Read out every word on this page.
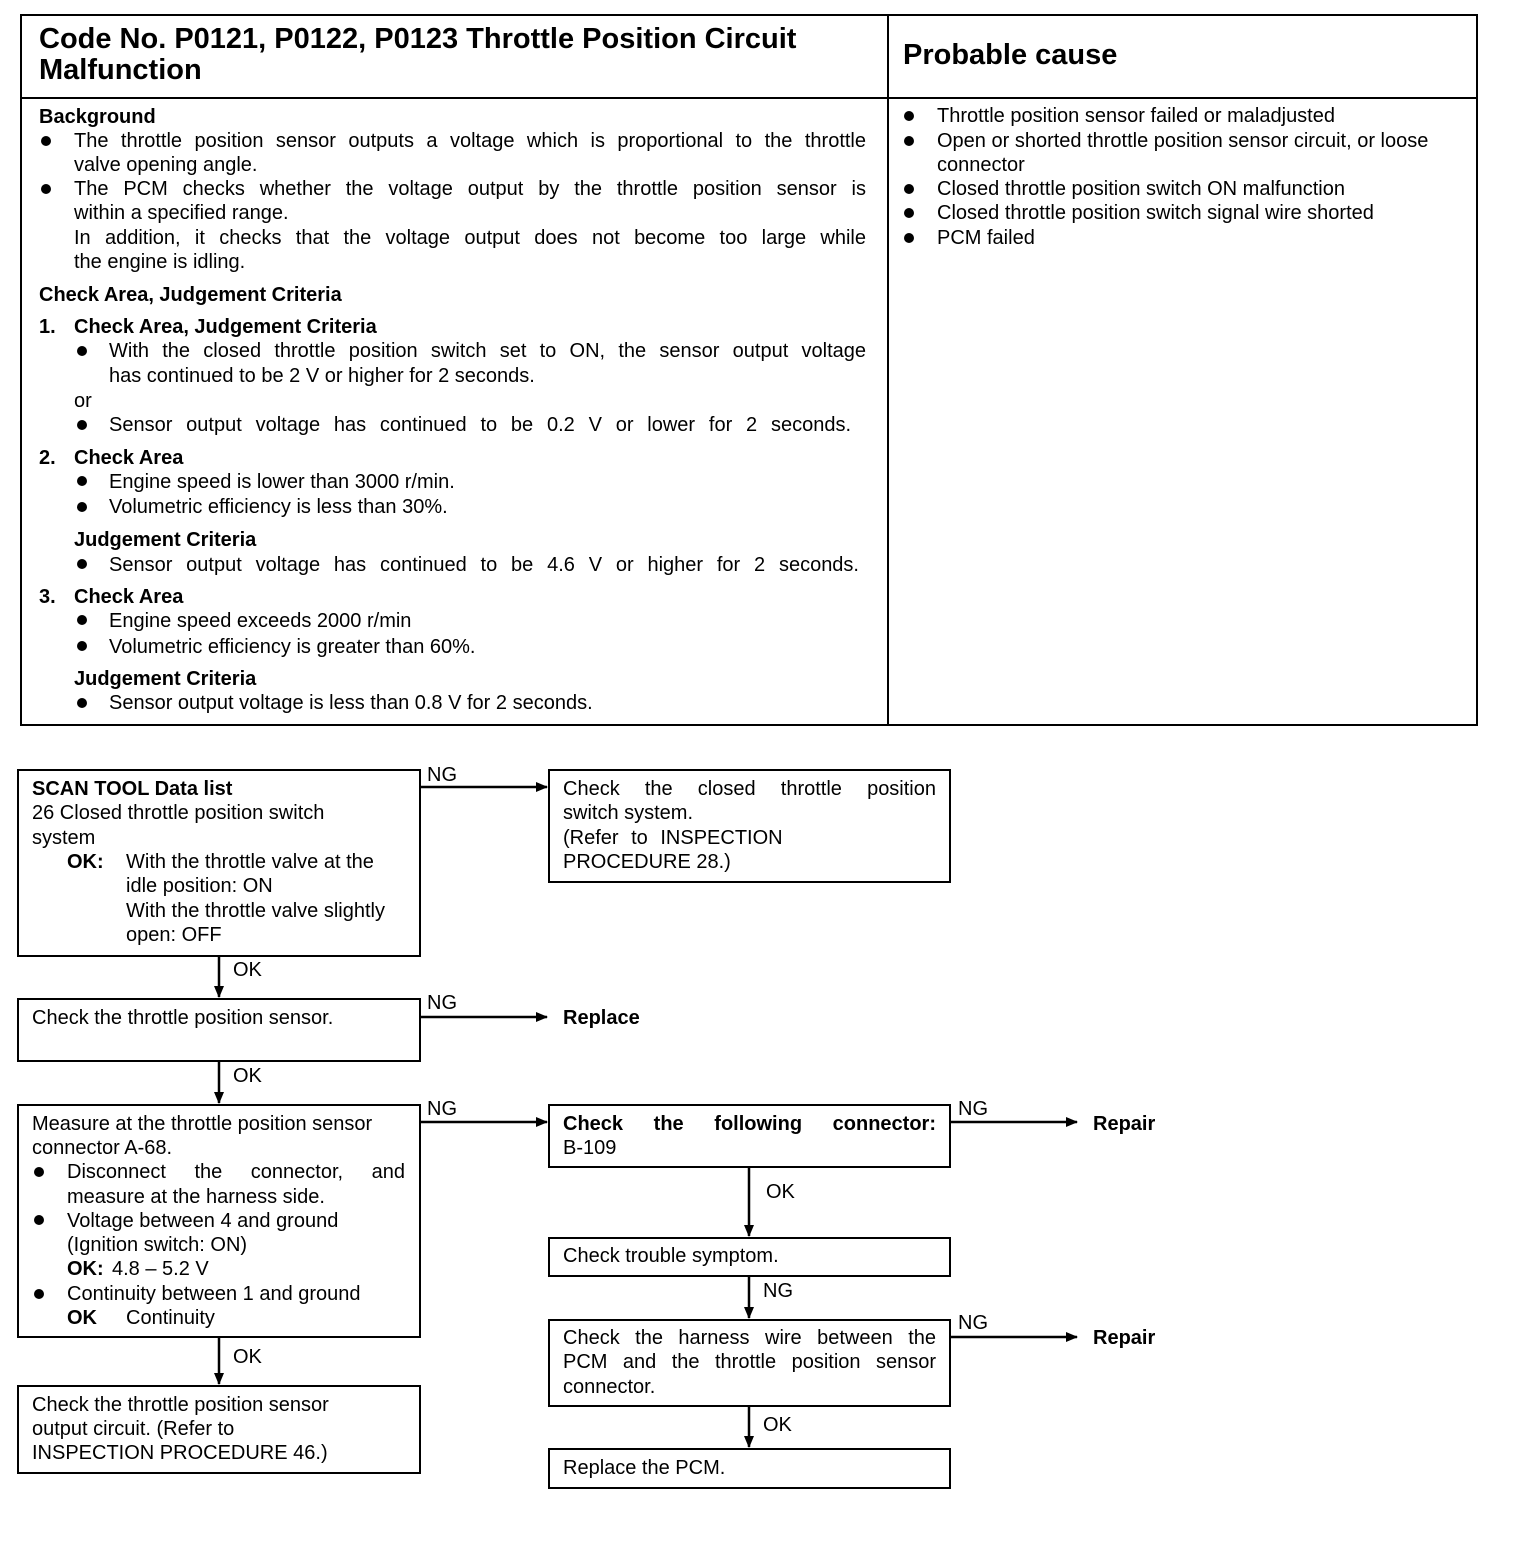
Code No. P0121, P0122, P0123 Throttle Position Circuit
Malfunction	Probable cause
Background
The throttle position sensor outputs a voltage which is proportional to the throttle
valve opening angle.
The PCM checks whether the voltage output by the throttle position sensor is
within a specified range.
In addition, it checks that the voltage output does not become too large while
the engine is idling.
Check Area, Judgement Criteria
1. Check Area, Judgement Criteria
With the closed throttle position switch set to ON, the sensor output voltage
has continued to be 2 V or higher for 2 seconds.
or
Sensor output voltage has continued to be 0.2 V or lower for 2 seconds.
2. Check Area
Engine speed is lower than 3000 r/min.
Volumetric efficiency is less than 30%.
Judgement Criteria
Sensor output voltage has continued to be 4.6 V or higher for 2 seconds.
3. Check Area
Engine speed exceeds 2000 r/min
Volumetric efficiency is greater than 60%.
Judgement Criteria
Sensor output voltage is less than 0.8 V for 2 seconds.
Throttle position sensor failed or maladjusted
Open or shorted throttle position sensor circuit, or loose
connector
Closed throttle position switch ON malfunction
Closed throttle position switch signal wire shorted
PCM failed
SCAN TOOL Data list
26 Closed throttle position switch
system
OK: With the throttle valve at the
idle position: ON
With the throttle valve slightly
open: OFF
NG
Check the closed throttle position
switch system.
(Refer to INSPECTION
PROCEDURE 28.)
OK
Check the throttle position sensor.
NG
Replace
OK
Measure at the throttle position sensor
connector A-68.
Disconnect the connector, and
measure at the harness side.
Voltage between 4 and ground
(Ignition switch: ON)
OK: 4.8 – 5.2 V
Continuity between 1 and ground
OK Continuity
NG
Check the following connector:
B-109
NG
Repair
OK
Check trouble symptom.
NG
Check the harness wire between the
PCM and the throttle position sensor
connector.
NG
Repair
OK
Replace the PCM.
OK
Check the throttle position sensor
output circuit. (Refer to
INSPECTION PROCEDURE 46.)
